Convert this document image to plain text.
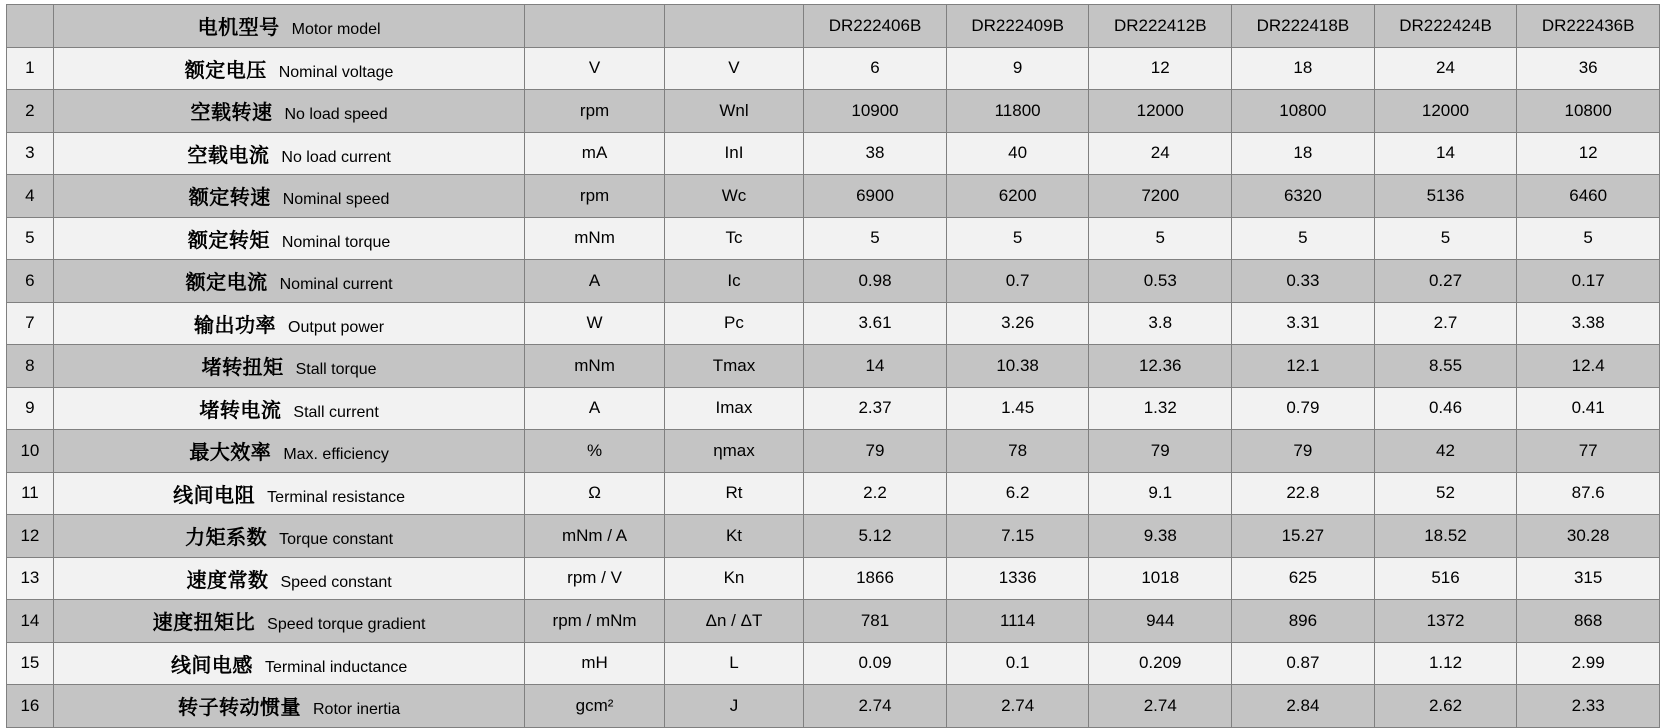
	电机型号 Motor model			DR222406B	DR222409B	DR222412B	DR222418B	DR222424B	DR222436B
1	额定电压 Nominal voltage	V	V	6	9	12	18	24	36
2	空载转速 No load speed	rpm	Wnl	10900	11800	12000	10800	12000	10800
3	空载电流 No load current	mA	InI	38	40	24	18	14	12
4	额定转速 Nominal speed	rpm	Wc	6900	6200	7200	6320	5136	6460
5	额定转矩 Nominal torque	mNm	Tc	5	5	5	5	5	5
6	额定电流 Nominal current	A	Ic	0.98	0.7	0.53	0.33	0.27	0.17
7	输出功率 Output power	W	Pc	3.61	3.26	3.8	3.31	2.7	3.38
8	堵转扭矩 Stall torque	mNm	Tmax	14	10.38	12.36	12.1	8.55	12.4
9	堵转电流 Stall current	A	Imax	2.37	1.45	1.32	0.79	0.46	0.41
10	最大效率 Max. efficiency	%	ηmax	79	78	79	79	42	77
11	线间电阻 Terminal resistance	Ω	Rt	2.2	6.2	9.1	22.8	52	87.6
12	力矩系数 Torque constant	mNm / A	Kt	5.12	7.15	9.38	15.27	18.52	30.28
13	速度常数 Speed constant	rpm / V	Kn	1866	1336	1018	625	516	315
14	速度扭矩比 Speed torque gradient	rpm / mNm	Δn / ΔT	781	1114	944	896	1372	868
15	线间电感 Terminal inductance	mH	L	0.09	0.1	0.209	0.87	1.12	2.99
16	转子转动惯量 Rotor inertia	gcm²	J	2.74	2.74	2.74	2.84	2.62	2.33
